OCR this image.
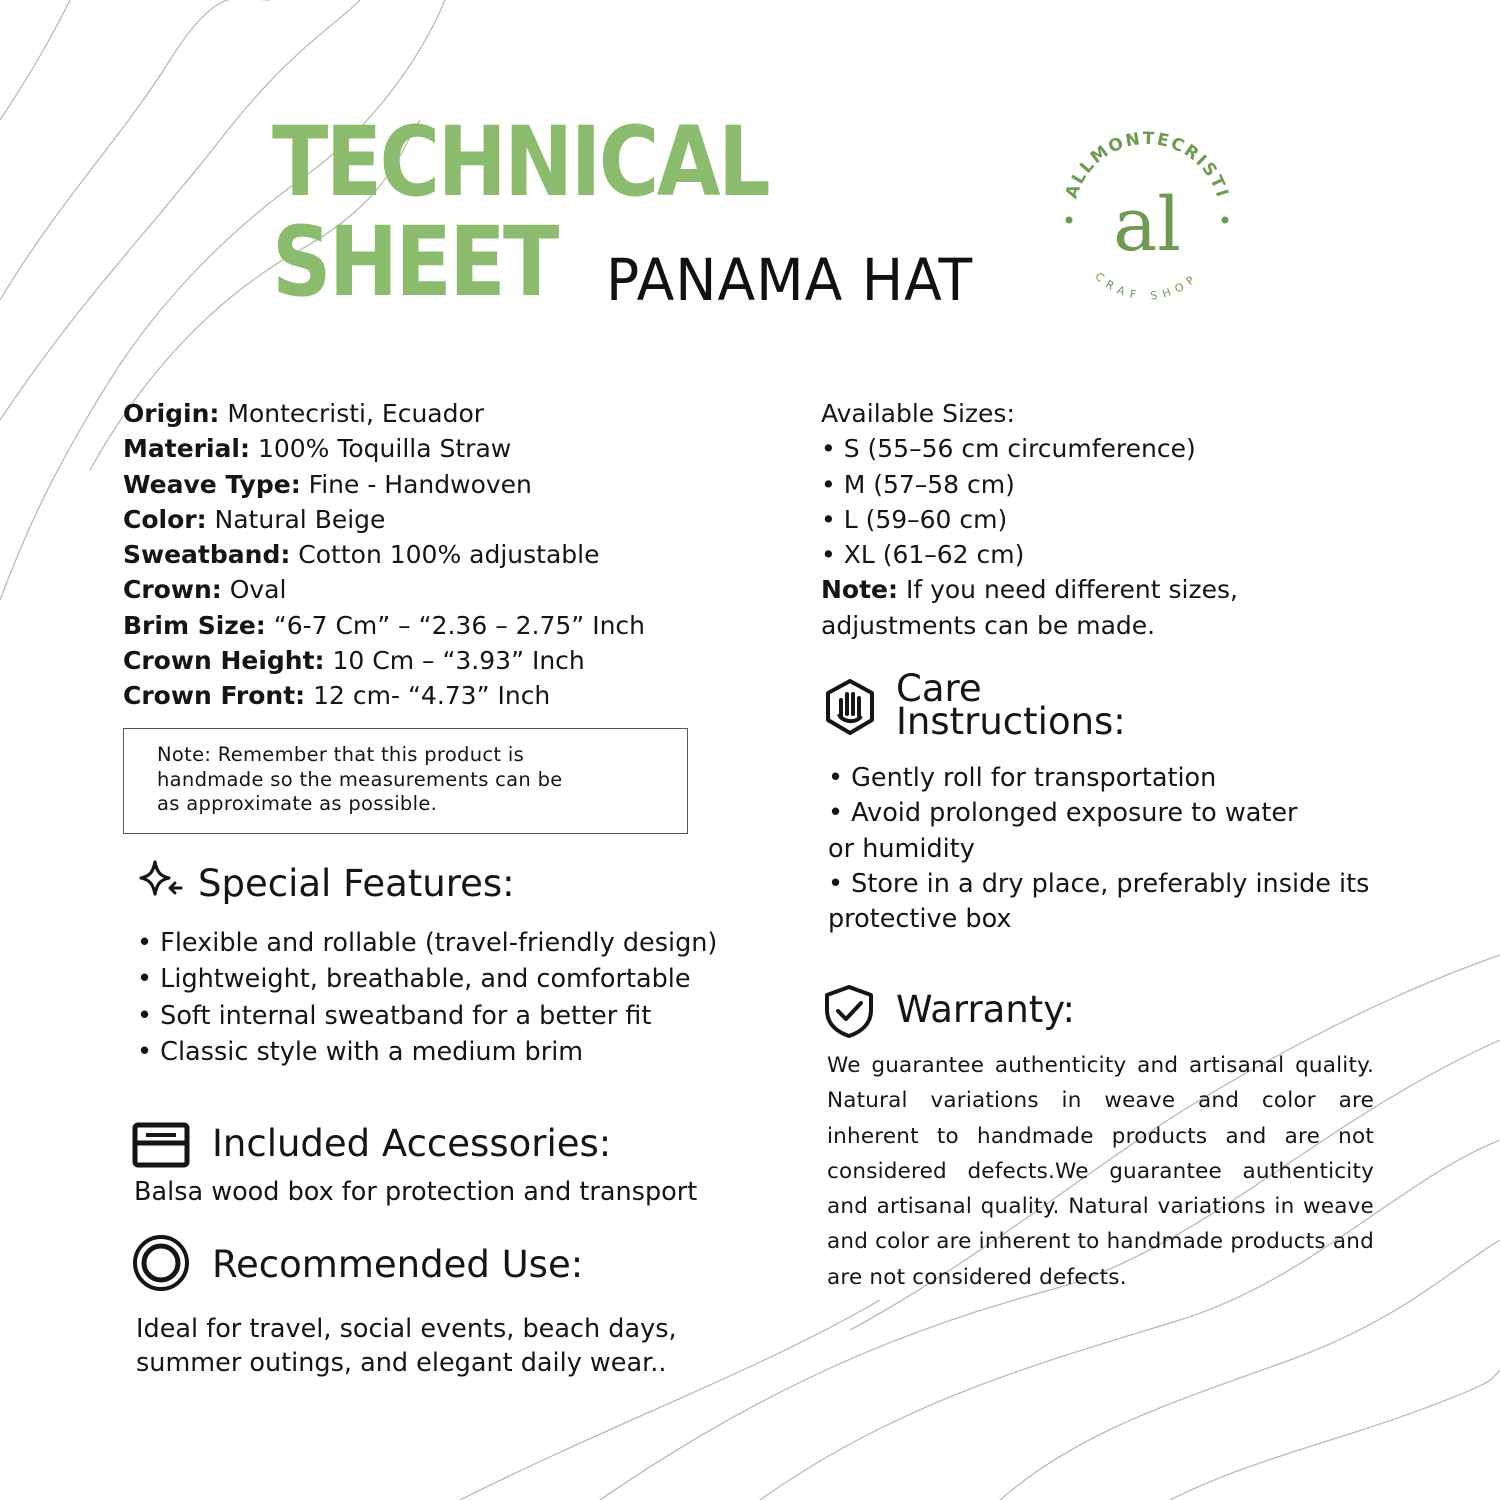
TECHNICAL
SHEET PANAMA HAT
ALLMONTECRISTI
CRAF SHOP
al
Origin: Montecristi, Ecuador
Material: 100% Toquilla Straw
Weave Type: Fine - Handwoven
Color: Natural Beige
Sweatband: Cotton 100% adjustable
Crown: Oval
Brim Size: “6-7 Cm” – “2.36 – 2.75” Inch
Crown Height: 10 Cm – “3.93” Inch
Crown Front: 12 cm- “4.73” Inch
Note: Remember that this product is
handmade so the measurements can be
as approximate as possible.
Special Features:
• Flexible and rollable (travel-friendly design)
• Lightweight, breathable, and comfortable
• Soft internal sweatband for a better fit
• Classic style with a medium brim
Included Accessories:
Balsa wood box for protection and transport
Recommended Use:
Ideal for travel, social events, beach days,
summer outings, and elegant daily wear..
Available Sizes:
• S (55–56 cm circumference)
• M (57–58 cm)
• L (59–60 cm)
• XL (61–62 cm)
Note: If you need different sizes,
adjustments can be made.
Care
Instructions:
• Gently roll for transportation
• Avoid prolonged exposure to water
or humidity
• Store in a dry place, preferably inside its
protective box
Warranty:
We guarantee authenticity and artisanal quality. Natural variations in weave and color are inherent to handmade products and are not considered defects.We guarantee authenticity and artisanal quality. Natural variations in weave and color are inherent to handmade products and are not considered defects.
